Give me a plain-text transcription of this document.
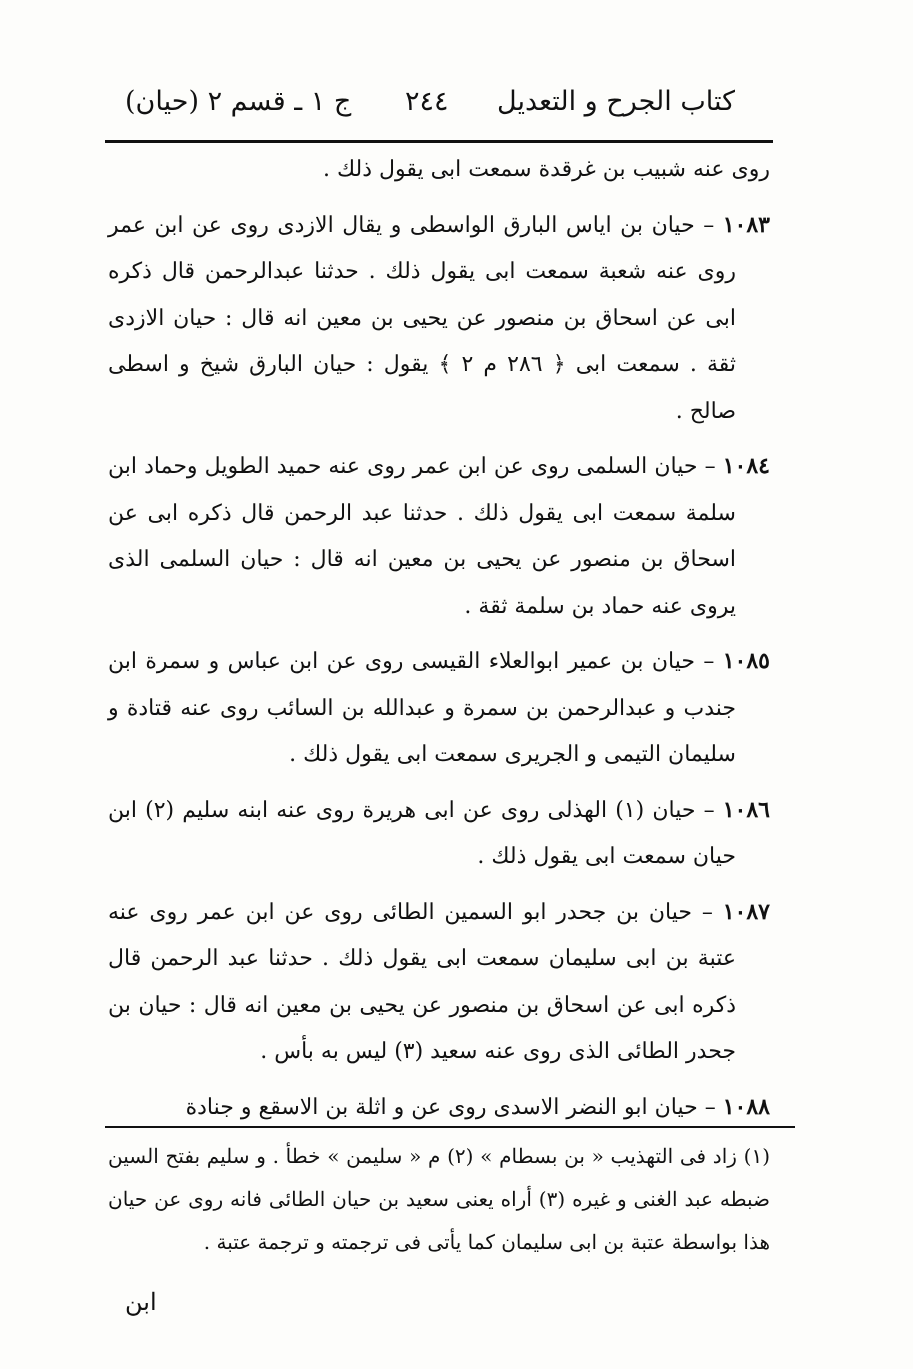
كتاب الجرح و التعديل
٢٤٤
(حيان) ج ١ ـ قسم ٢

روى عنه شبيب بن غرقدة سمعت ابى يقول ذلك .

١٠٨٣ – حيان بن اياس البارق الواسطى و يقال الازدى روى عن ابن عمر روى عنه شعبة سمعت ابى يقول ذلك . حدثنا عبدالرحمن قال ذكره ابى عن اسحاق بن منصور عن يحيى بن معين انه قال : حيان الازدى ثقة . سمعت ابى ﴿ ٢٨٦ م ٢ ﴾ يقول : حيان البارق شيخ و اسطى صالح .

١٠٨٤ – حيان السلمى روى عن ابن عمر روى عنه حميد الطويل وحماد ابن سلمة سمعت ابى يقول ذلك . حدثنا عبد الرحمن قال ذكره ابى عن اسحاق بن منصور عن يحيى بن معين انه قال : حيان السلمى الذى يروى عنه حماد بن سلمة ثقة .

١٠٨٥ – حيان بن عمير ابوالعلاء القيسى روى عن ابن عباس و سمرة ابن جندب و عبدالرحمن بن سمرة و عبدالله بن السائب روى عنه قتادة و سليمان التيمى و الجريرى سمعت ابى يقول ذلك .

١٠٨٦ – حيان (١) الهذلى روى عن ابى هريرة روى عنه ابنه سليم (٢) ابن حيان سمعت ابى يقول ذلك .

١٠٨٧ – حيان بن جحدر ابو السمين الطائى روى عن ابن عمر روى عنه عتبة بن ابى سليمان سمعت ابى يقول ذلك . حدثنا عبد الرحمن قال ذكره ابى عن اسحاق بن منصور عن يحيى بن معين انه قال : حيان بن جحدر الطائى الذى روى عنه سعيد (٣) ليس به بأس .

١٠٨٨ – حيان ابو النضر الاسدى روى عن و اثلة بن الاسقع و جنادة

(١) زاد فى التهذيب « بن بسطام » (٢) م « سليمن » خطأ . و سليم بفتح السين ضبطه عبد الغنى و غيره (٣) أراه يعنى سعيد بن حيان الطائى فانه روى عن حيان هذا بواسطة عتبة بن ابى سليمان كما يأتى فى ترجمته و ترجمة عتبة .

ابن
